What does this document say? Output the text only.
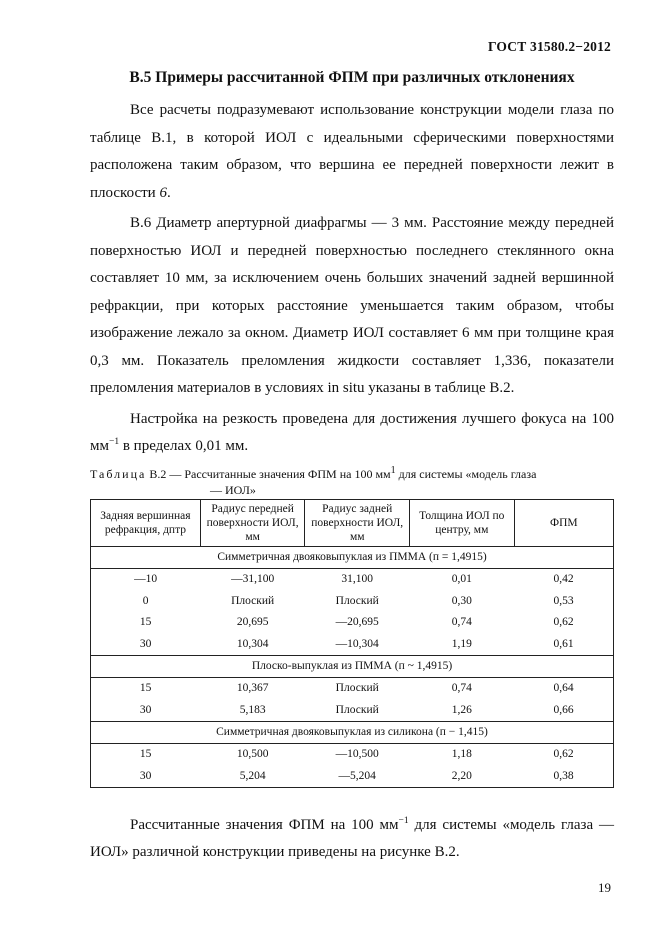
ГОСТ 31580.2−2012
В.5 Примеры рассчитанной ФПМ при различных отклонениях

Все расчеты подразумевают использование конструкции модели глаза по таблице В.1, в которой ИОЛ с идеальными сферическими поверхностями расположена таким образом, что вершина ее передней поверхности лежит в плоскости 6.

В.6 Диаметр апертурной диафрагмы — 3 мм. Расстояние между передней поверхностью ИОЛ и передней поверхностью последнего стеклянного окна составляет 10 мм, за исключением очень больших значений задней вершинной рефракции, при которых расстояние уменьшается таким образом, чтобы изображение лежало за окном. Диаметр ИОЛ составляет 6 мм при толщине края 0,3 мм. Показатель преломления жидкости составляет 1,336, показатели преломления материалов в условиях in situ указаны в таблице В.2.

Настройка на резкость проведена для достижения лучшего фокуса на 100 $мм^{-1}$ в пределах 0,01 мм.

Таблица В.2 — Рассчитанные значения ФПМ на 100 $мм^1$ для системы «модель глаза
— ИОЛ»
Задняя вершинная рефракция, дптр	Радиус передней поверхности ИОЛ, мм	Радиус задней поверхности ИОЛ, мм	Толщина ИОЛ по центру, мм	ФПМ
Симметричная двояковыпуклая из ПММА (п = 1,4915)				
—10	—31,100	31,100	0,01	0,42
0	Плоский	Плоский	0,30	0,53
15	20,695	—20,695	0,74	0,62
30	10,304	—10,304	1,19	0,61
Плоско-выпуклая из ПММА (п ~ 1,4915)				
15	10,367	Плоский	0,74	0,64
30	5,183	Плоский	1,26	0,66
Симметричная двояковыпуклая из силикона (п − 1,415)				
15	10,500	—10,500	1,18	0,62
30	5,204	—5,204	2,20	0,38

Рассчитанные значения ФПМ на 100 $мм^{-1}$ для системы «модель глаза — ИОЛ» различной конструкции приведены на рисунке В.2.

19
